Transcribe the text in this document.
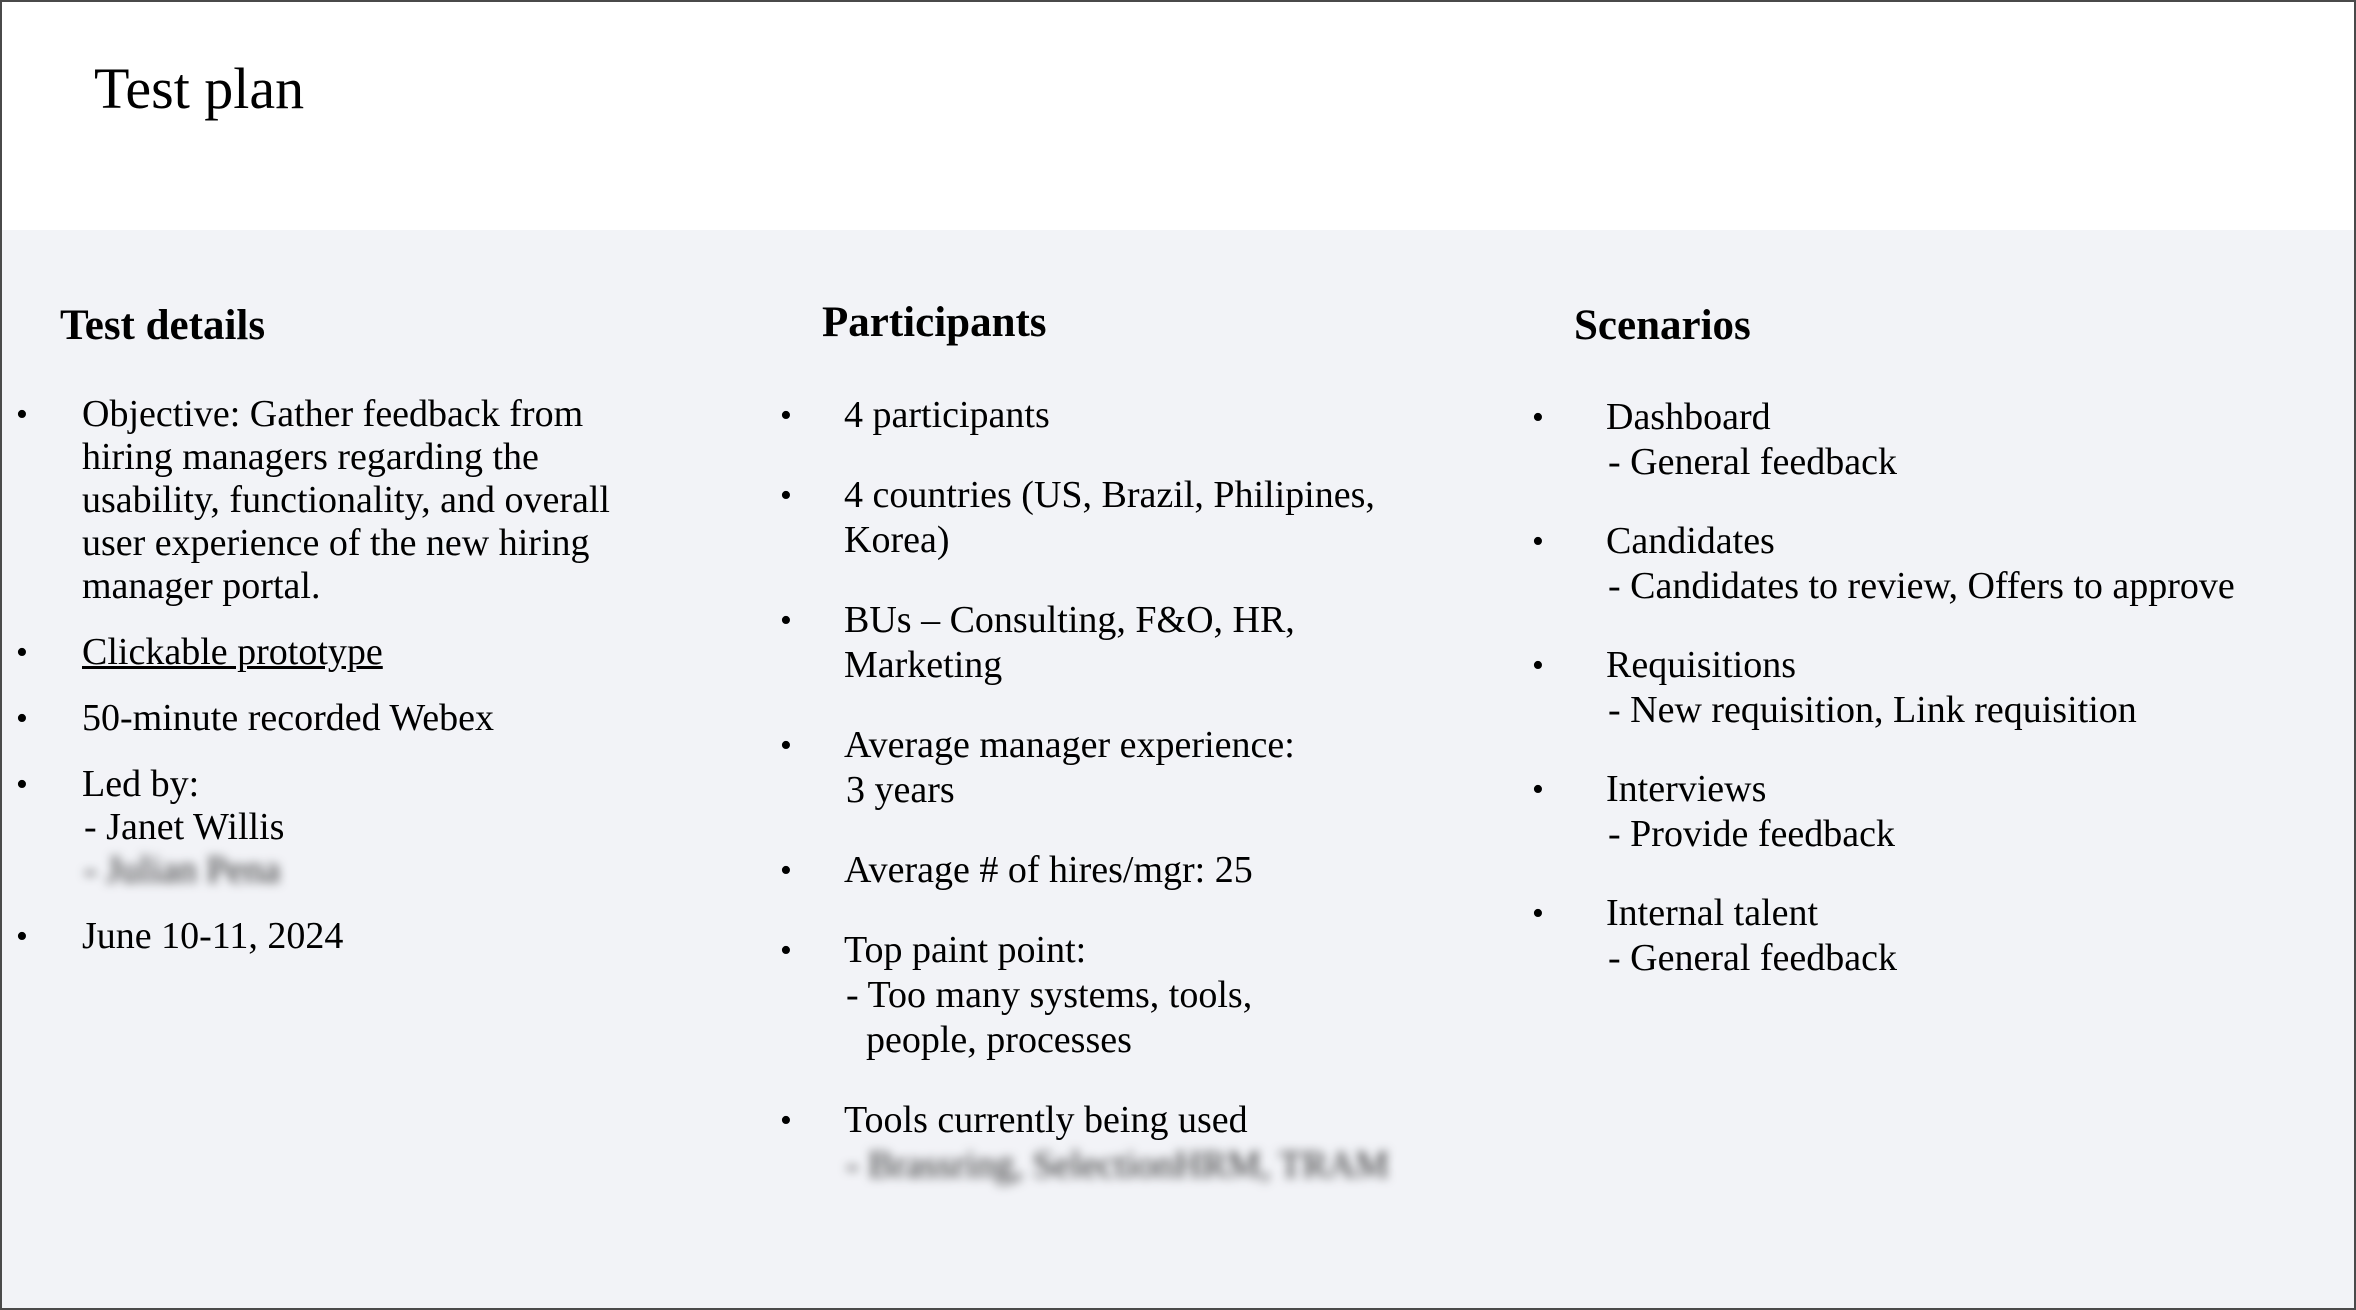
Test plan
Test details
• Objective: Gather feedback from hiring managers regarding the usability, functionality, and overall user experience of the new hiring manager portal.
• Clickable prototype
• 50-minute recorded Webex
• Led by:
- Janet Willis
- Julian Pena
• June 10-11, 2024
Participants
• 4 participants
• 4 countries (US, Brazil, Philipines, Korea)
• BUs – Consulting, F&O, HR, Marketing
• Average manager experience:
3 years
• Average # of hires/mgr: 25
• Top paint point:
- Too many systems, tools,
people, processes
• Tools currently being used
- Brassring, SelectionHRM, TRAM
Scenarios
• Dashboard
- General feedback
• Candidates
- Candidates to review, Offers to approve
• Requisitions
- New requisition, Link requisition
• Interviews
- Provide feedback
• Internal talent
- General feedback
